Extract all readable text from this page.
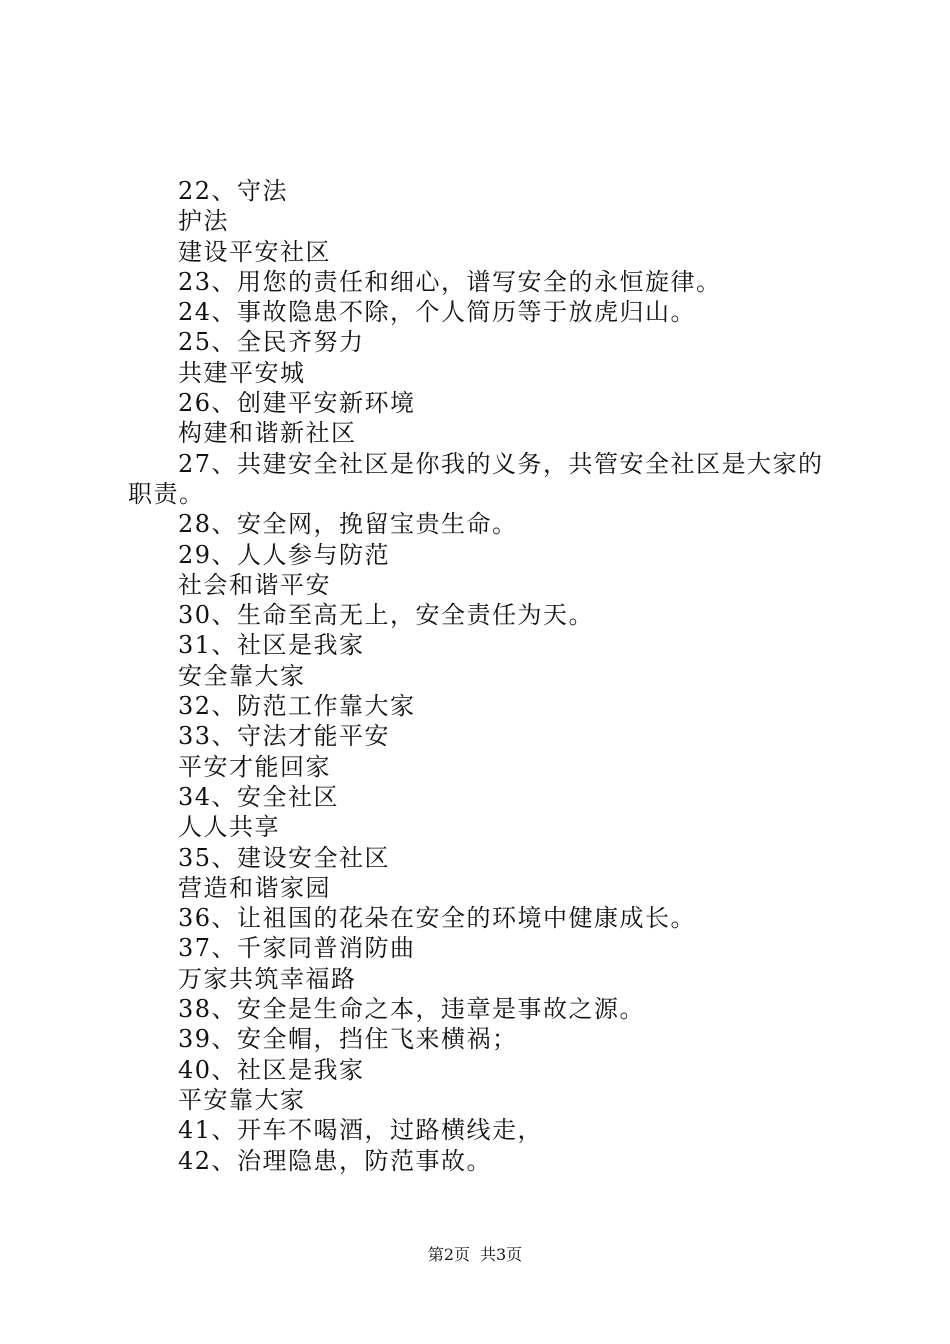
22、守法
护法
建设平安社区
23、用您的责任和细心，谱写安全的永恒旋律。
24、事故隐患不除，个人简历等于放虎归山。
25、全民齐努力
共建平安城
26、创建平安新环境
构建和谐新社区
27、共建安全社区是你我的义务，共管安全社区是大家的
职责。
28、安全网，挽留宝贵生命。
29、人人参与防范
社会和谐平安
30、生命至高无上，安全责任为天。
31、社区是我家
安全靠大家
32、防范工作靠大家
33、守法才能平安
平安才能回家
34、安全社区
人人共享
35、建设安全社区
营造和谐家园
36、让祖国的花朵在安全的环境中健康成长。
37、千家同普消防曲
万家共筑幸福路
38、安全是生命之本，违章是事故之源。
39、安全帽，挡住飞来横祸；
40、社区是我家
平安靠大家
41、开车不喝酒，过路横线走，
42、治理隐患，防范事故。
第2页 共3页
